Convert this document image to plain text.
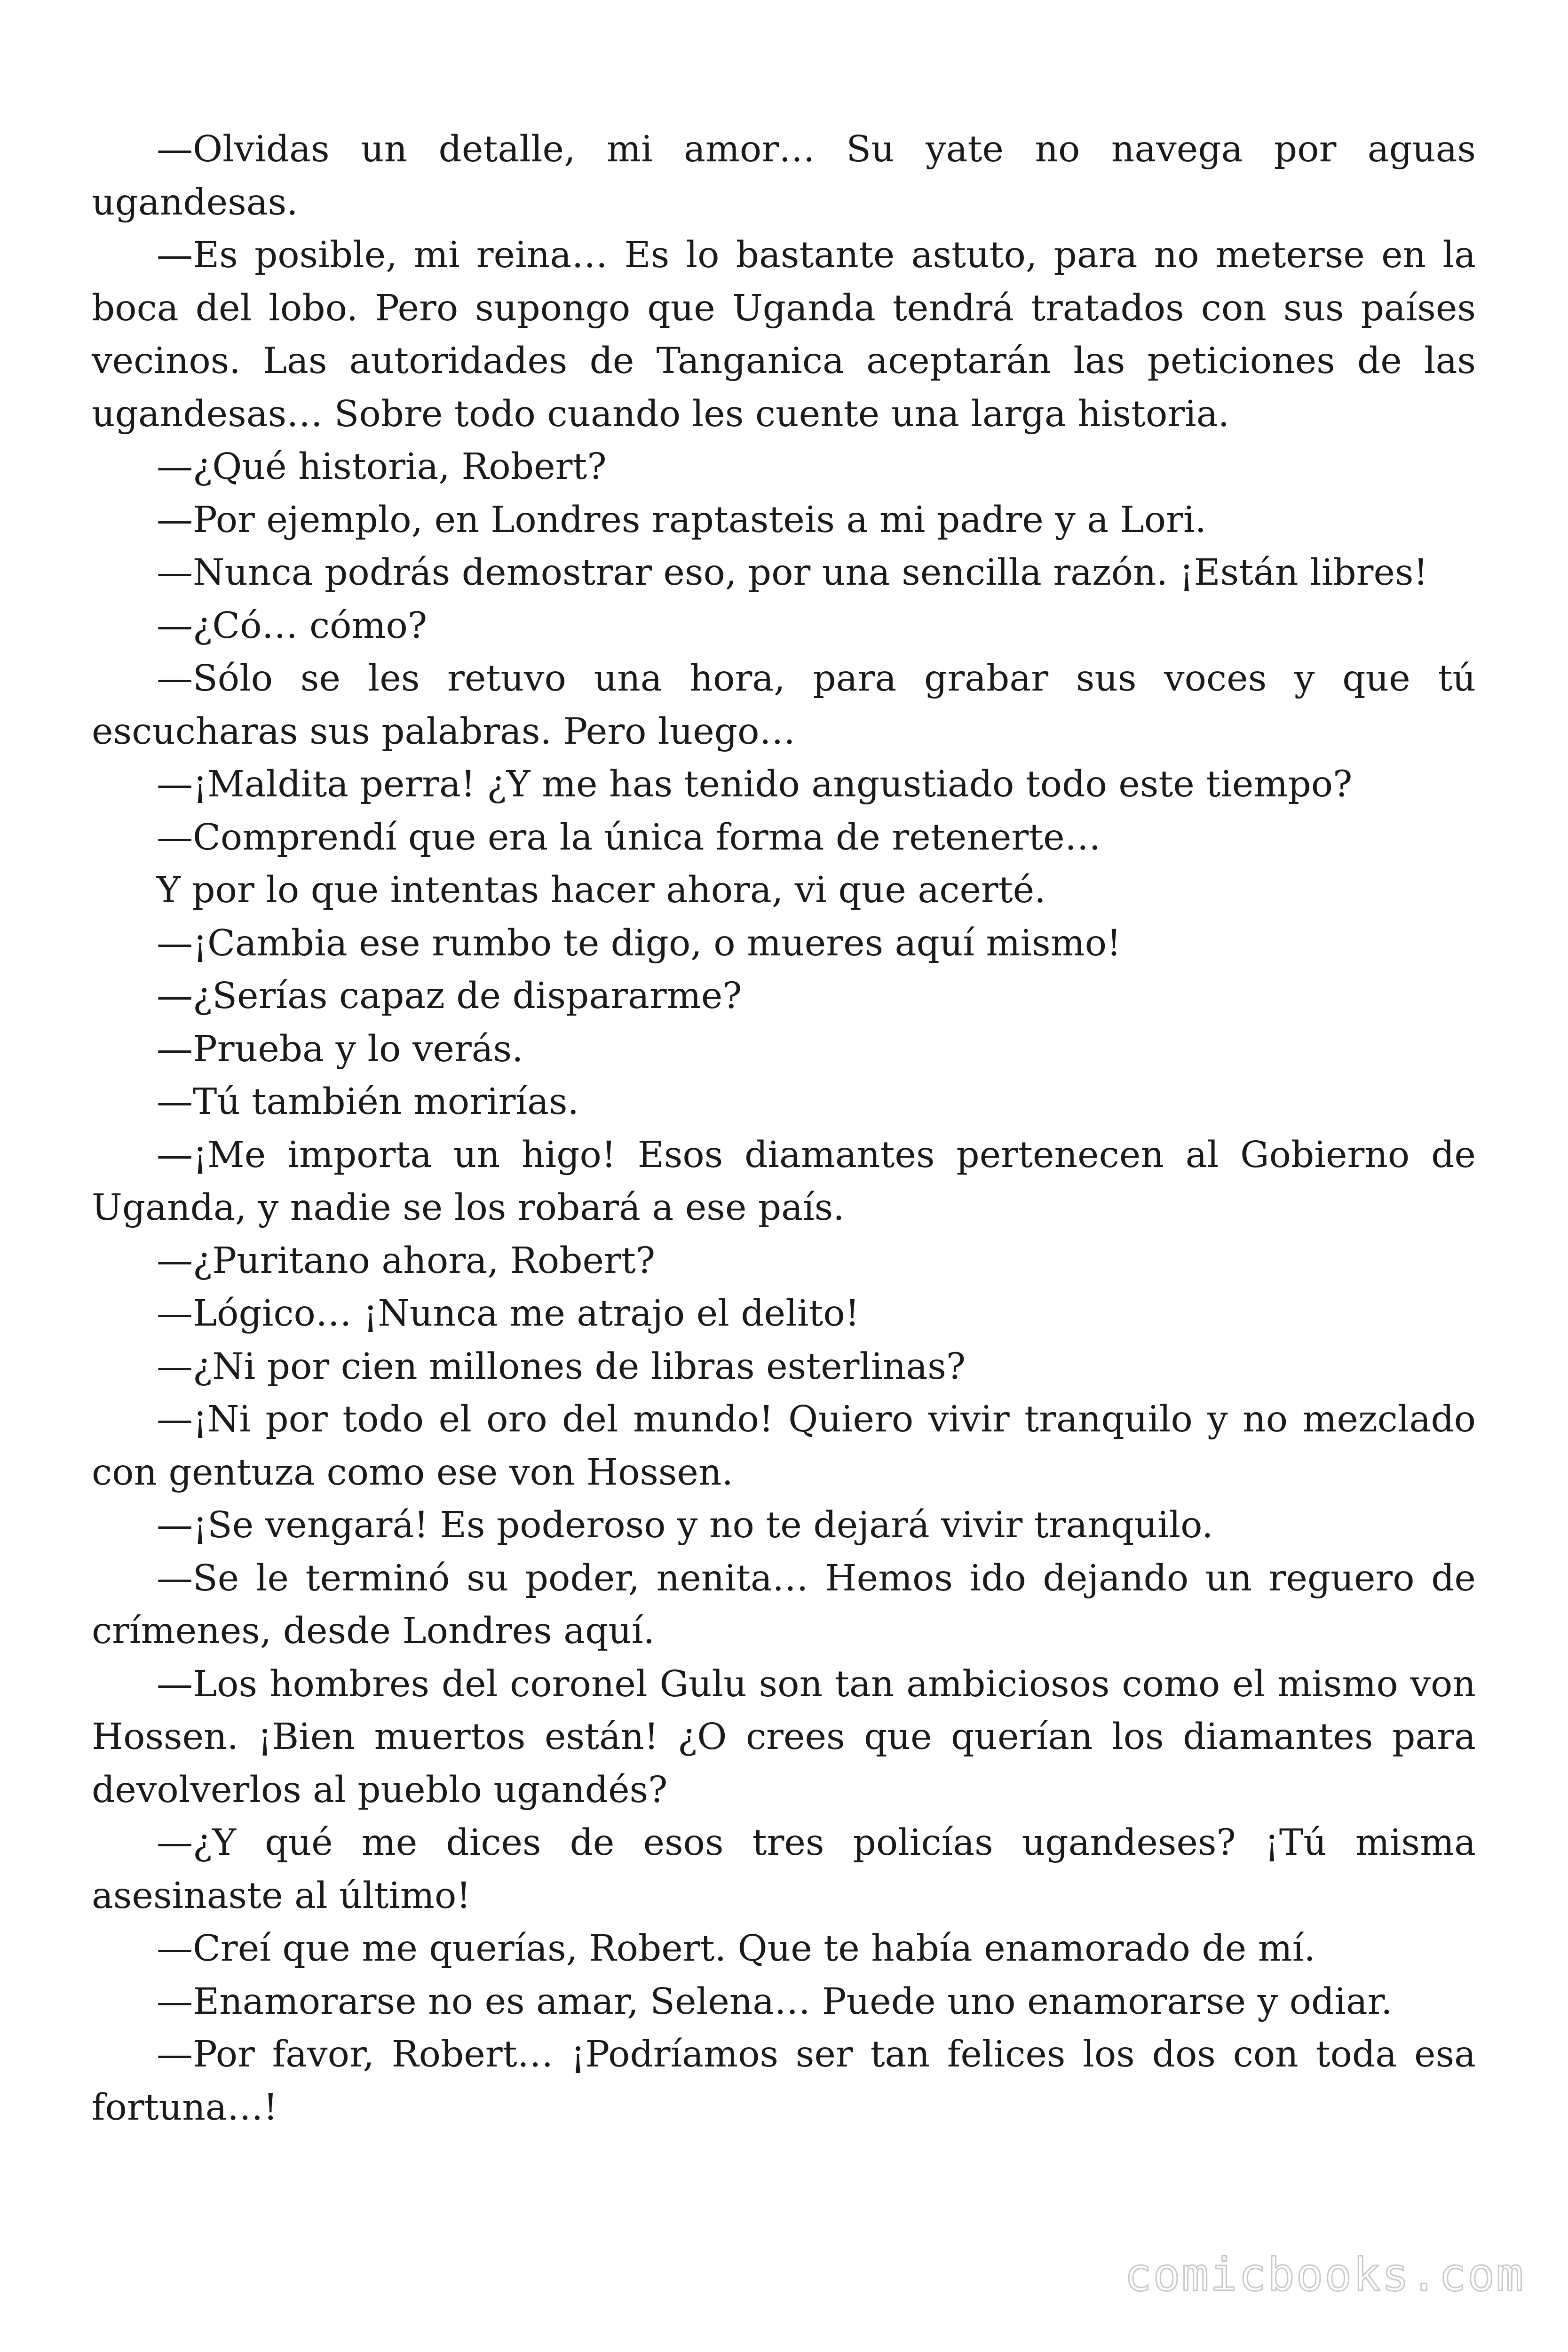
—Olvidas un detalle, mi amor… Su yate no navega por aguas ugandesas.

—Es posible, mi reina… Es lo bastante astuto, para no meterse en la boca del lobo. Pero supongo que Uganda tendrá tratados con sus países vecinos. Las autoridades de Tanganica aceptarán las peticiones de las ugandesas… Sobre todo cuando les cuente una larga historia.

—¿Qué historia, Robert?

—Por ejemplo, en Londres raptasteis a mi padre y a Lori.

—Nunca podrás demostrar eso, por una sencilla razón. ¡Están libres!

—¿Có… cómo?

—Sólo se les retuvo una hora, para grabar sus voces y que tú escucharas sus palabras. Pero luego…

—¡Maldita perra! ¿Y me has tenido angustiado todo este tiempo?

—Comprendí que era la única forma de retenerte…

Y por lo que intentas hacer ahora, vi que acerté.

—¡Cambia ese rumbo te digo, o mueres aquí mismo!

—¿Serías capaz de dispararme?

—Prueba y lo verás.

—Tú también morirías.

—¡Me importa un higo! Esos diamantes pertenecen al Gobierno de Uganda, y nadie se los robará a ese país.

—¿Puritano ahora, Robert?

—Lógico… ¡Nunca me atrajo el delito!

—¿Ni por cien millones de libras esterlinas?

—¡Ni por todo el oro del mundo! Quiero vivir tranquilo y no mezclado con gentuza como ese von Hossen.

—¡Se vengará! Es poderoso y no te dejará vivir tranquilo.

—Se le terminó su poder, nenita… Hemos ido dejando un reguero de crímenes, desde Londres aquí.

—Los hombres del coronel Gulu son tan ambiciosos como el mismo von Hossen. ¡Bien muertos están! ¿O crees que querían los diamantes para devolverlos al pueblo ugandés?

—¿Y qué me dices de esos tres policías ugandeses? ¡Tú misma asesinaste al último!

—Creí que me querías, Robert. Que te había enamorado de mí.

—Enamorarse no es amar, Selena… Puede uno enamorarse y odiar.

—Por favor, Robert… ¡Podríamos ser tan felices los dos con toda esa fortuna…!

comicbooks.com
